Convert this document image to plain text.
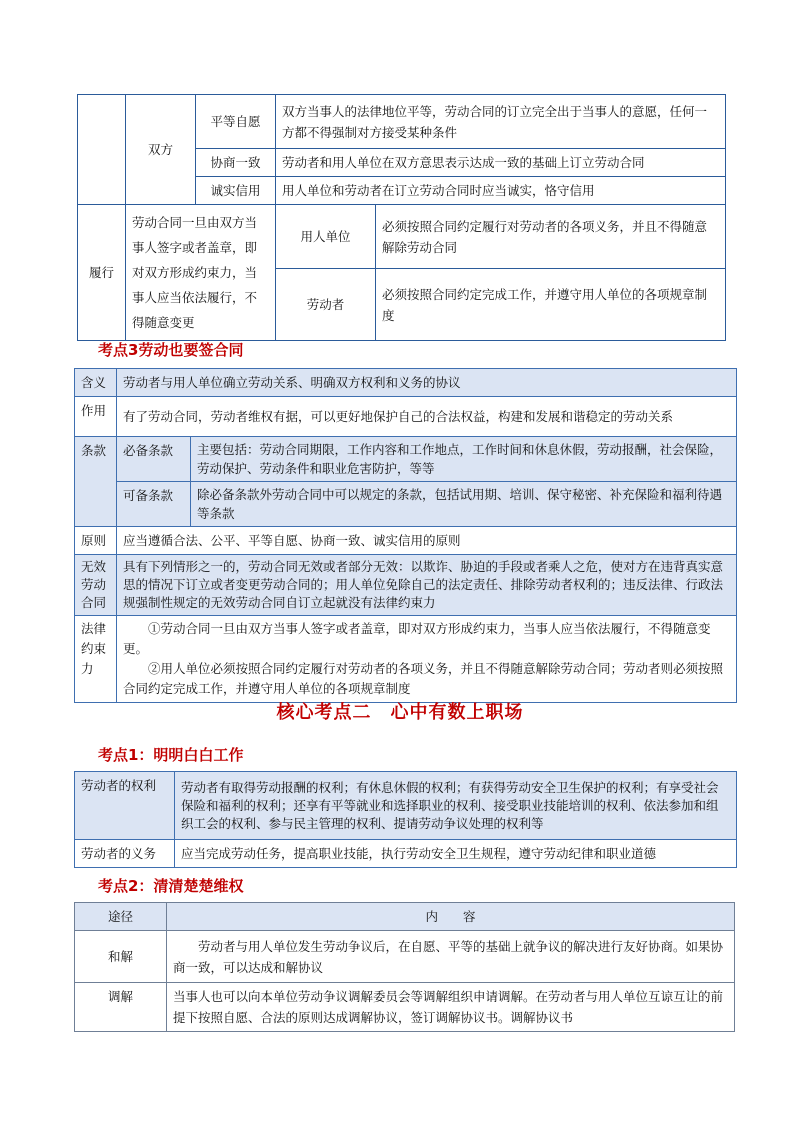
	双方	平等自愿	双方当事人的法律地位平等，劳动合同的订立完全出于当事人的意愿，任何一方都不得强制对方接受某种条件	
		协商一致	劳动者和用人单位在双方意思表示达成一致的基础上订立劳动合同	
		诚实信用	用人单位和劳动者在订立劳动合同时应当诚实，恪守信用	
履行	劳动合同一旦由双方当事人签字或者盖章，即对双方形成约束力，当事人应当依法履行，不得随意变更		用人单位	必须按照合同约定履行对劳动者的各项义务，并且不得随意解除劳动合同
			劳动者	必须按照合同约定完成工作，并遵守用人单位的各项规章制度
考点3劳动也要签合同
含义	劳动者与用人单位确立劳动关系、明确双方权利和义务的协议	
作用	有了劳动合同，劳动者维权有据，可以更好地保护自己的合法权益，构建和发展和谐稳定的劳动关系	
条款	必备条款	主要包括：劳动合同期限，工作内容和工作地点，工作时间和休息休假，劳动报酬，社会保险，劳动保护、劳动条件和职业危害防护，等等
	可备条款	除必备条款外劳动合同中可以规定的条款，包括试用期、培训、保守秘密、补充保险和福利待遇等条款
原则	应当遵循合法、公平、平等自愿、协商一致、诚实信用的原则	
无效劳动合同	具有下列情形之一的，劳动合同无效或者部分无效：以欺诈、胁迫的手段或者乘人之危，使对方在违背真实意思的情况下订立或者变更劳动合同的；用人单位免除自己的法定责任、排除劳动者权利的；违反法律、行政法规强制性规定的无效劳动合同自订立起就没有法律约束力	
法律约束力	①劳动合同一旦由双方当事人签字或者盖章，即对双方形成约束力，当事人应当依法履行，不得随意变更。
②用人单位必须按照合同约定履行对劳动者的各项义务，并且不得随意解除劳动合同；劳动者则必须按照合同约定完成工作，并遵守用人单位的各项规章制度	
核心考点二　心中有数上职场
考点1：明明白白工作
劳动者的权利	劳动者有取得劳动报酬的权利；有休息休假的权利；有获得劳动安全卫生保护的权利；有享受社会保险和福利的权利；还享有平等就业和选择职业的权利、接受职业技能培训的权利、依法参加和组织工会的权利、参与民主管理的权利、提请劳动争议处理的权利等
劳动者的义务	应当完成劳动任务，提高职业技能，执行劳动安全卫生规程，遵守劳动纪律和职业道德
考点2：清清楚楚维权
途径	内　　容
和解	劳动者与用人单位发生劳动争议后，在自愿、平等的基础上就争议的解决进行友好协商。如果协商一致，可以达成和解协议
调解	当事人也可以向本单位劳动争议调解委员会等调解组织申请调解。在劳动者与用人单位互谅互让的前提下按照自愿、合法的原则达成调解协议，签订调解协议书。调解协议书
